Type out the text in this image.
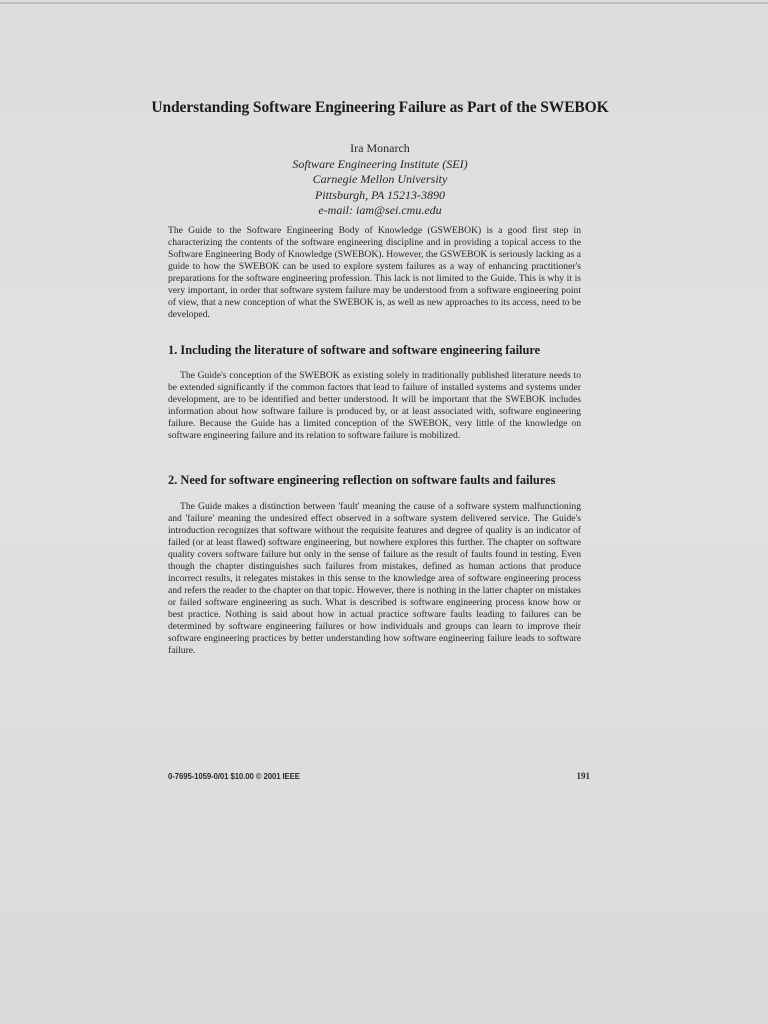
Understanding Software Engineering Failure as Part of the SWEBOK
Ira Monarch
Software Engineering Institute (SEI)
Carnegie Mellon University
Pittsburgh, PA 15213-3890
e-mail: iam@sei.cmu.edu

The Guide to the Software Engineering Body of Knowledge (GSWEBOK) is a good first step in characterizing the contents of the software engineering discipline and in providing a topical access to the Software Engineering Body of Knowledge (SWEBOK). However, the GSWEBOK is seriously lacking as a guide to how the SWEBOK can be used to explore system failures as a way of enhancing practitioner's preparations for the software engineering profession. This lack is not limited to the Guide. This is why it is very important, in order that software system failure may be understood from a software engineering point of view, that a new conception of what the SWEBOK is, as well as new approaches to its access, need to be developed.

1. Including the literature of software and software engineering failure

The Guide's conception of the SWEBOK as existing solely in traditionally published literature needs to be extended significantly if the common factors that lead to failure of installed systems and systems under development, are to be identified and better understood. It will be important that the SWEBOK includes information about how software failure is produced by, or at least associated with, software engineering failure. Because the Guide has a limited conception of the SWEBOK, very little of the knowledge on software engineering failure and its relation to software failure is mobilized.

2. Need for software engineering reflection on software faults and failures

The Guide makes a distinction between 'fault' meaning the cause of a software system malfunctioning and 'failure' meaning the undesired effect observed in a software system delivered service. The Guide's introduction recognizes that software without the requisite features and degree of quality is an indicator of failed (or at least flawed) software engineering, but nowhere explores this further. The chapter on software quality covers software failure but only in the sense of failure as the result of faults found in testing. Even though the chapter distinguishes such failures from mistakes, defined as human actions that produce incorrect results, it relegates mistakes in this sense to the knowledge area of software engineering process and refers the reader to the chapter on that topic. However, there is nothing in the latter chapter on mistakes or failed software engineering as such. What is described is software engineering process know how or best practice. Nothing is said about how in actual practice software faults leading to failures can be determined by software engineering failures or how individuals and groups can learn to improve their software engineering practices by better understanding how software engineering failure leads to software failure.

0-7695-1059-0/01 $10.00 © 2001 IEEE	191
